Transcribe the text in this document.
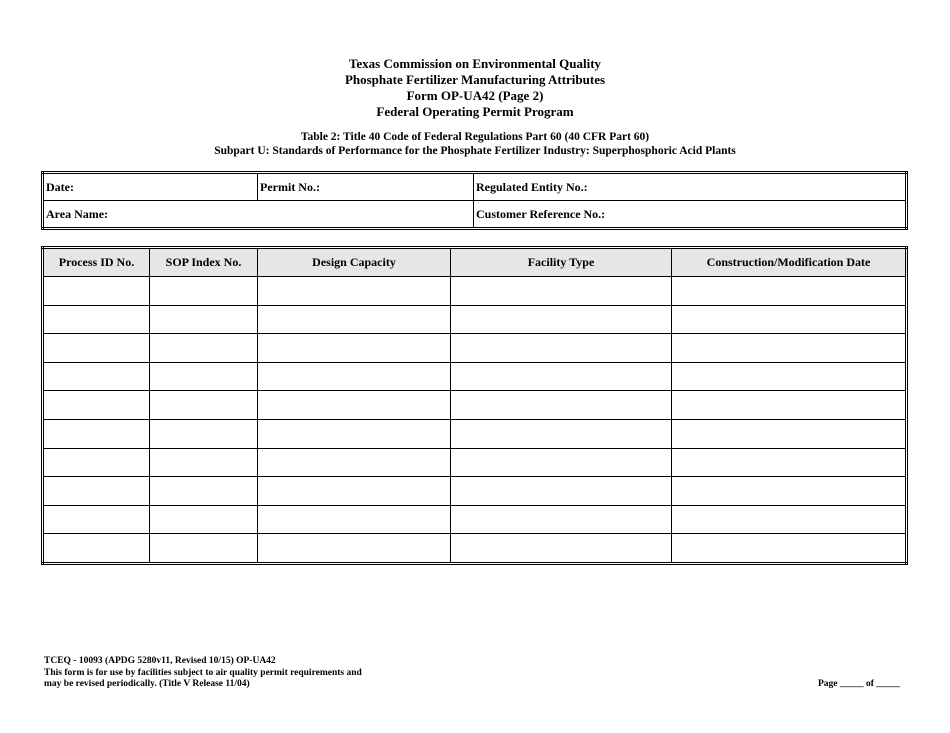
Texas Commission on Environmental Quality
Phosphate Fertilizer Manufacturing Attributes
Form OP-UA42 (Page 2)
Federal Operating Permit Program
Table 2: Title 40 Code of Federal Regulations Part 60 (40 CFR Part 60)
Subpart U: Standards of Performance for the Phosphate Fertilizer Industry: Superphosphoric Acid Plants
Date:	Permit No.:	Regulated Entity No.:
Area Name:		Customer Reference No.:
Process ID No.	SOP Index No.	Design Capacity	Facility Type	Construction/Modification Date

TCEQ - 10093 (APDG 5280v11, Revised 10/15) OP-UA42
This form is for use by facilities subject to air quality permit requirements and
may be revised periodically. (Title V Release 11/04)	Page _____ of _____
